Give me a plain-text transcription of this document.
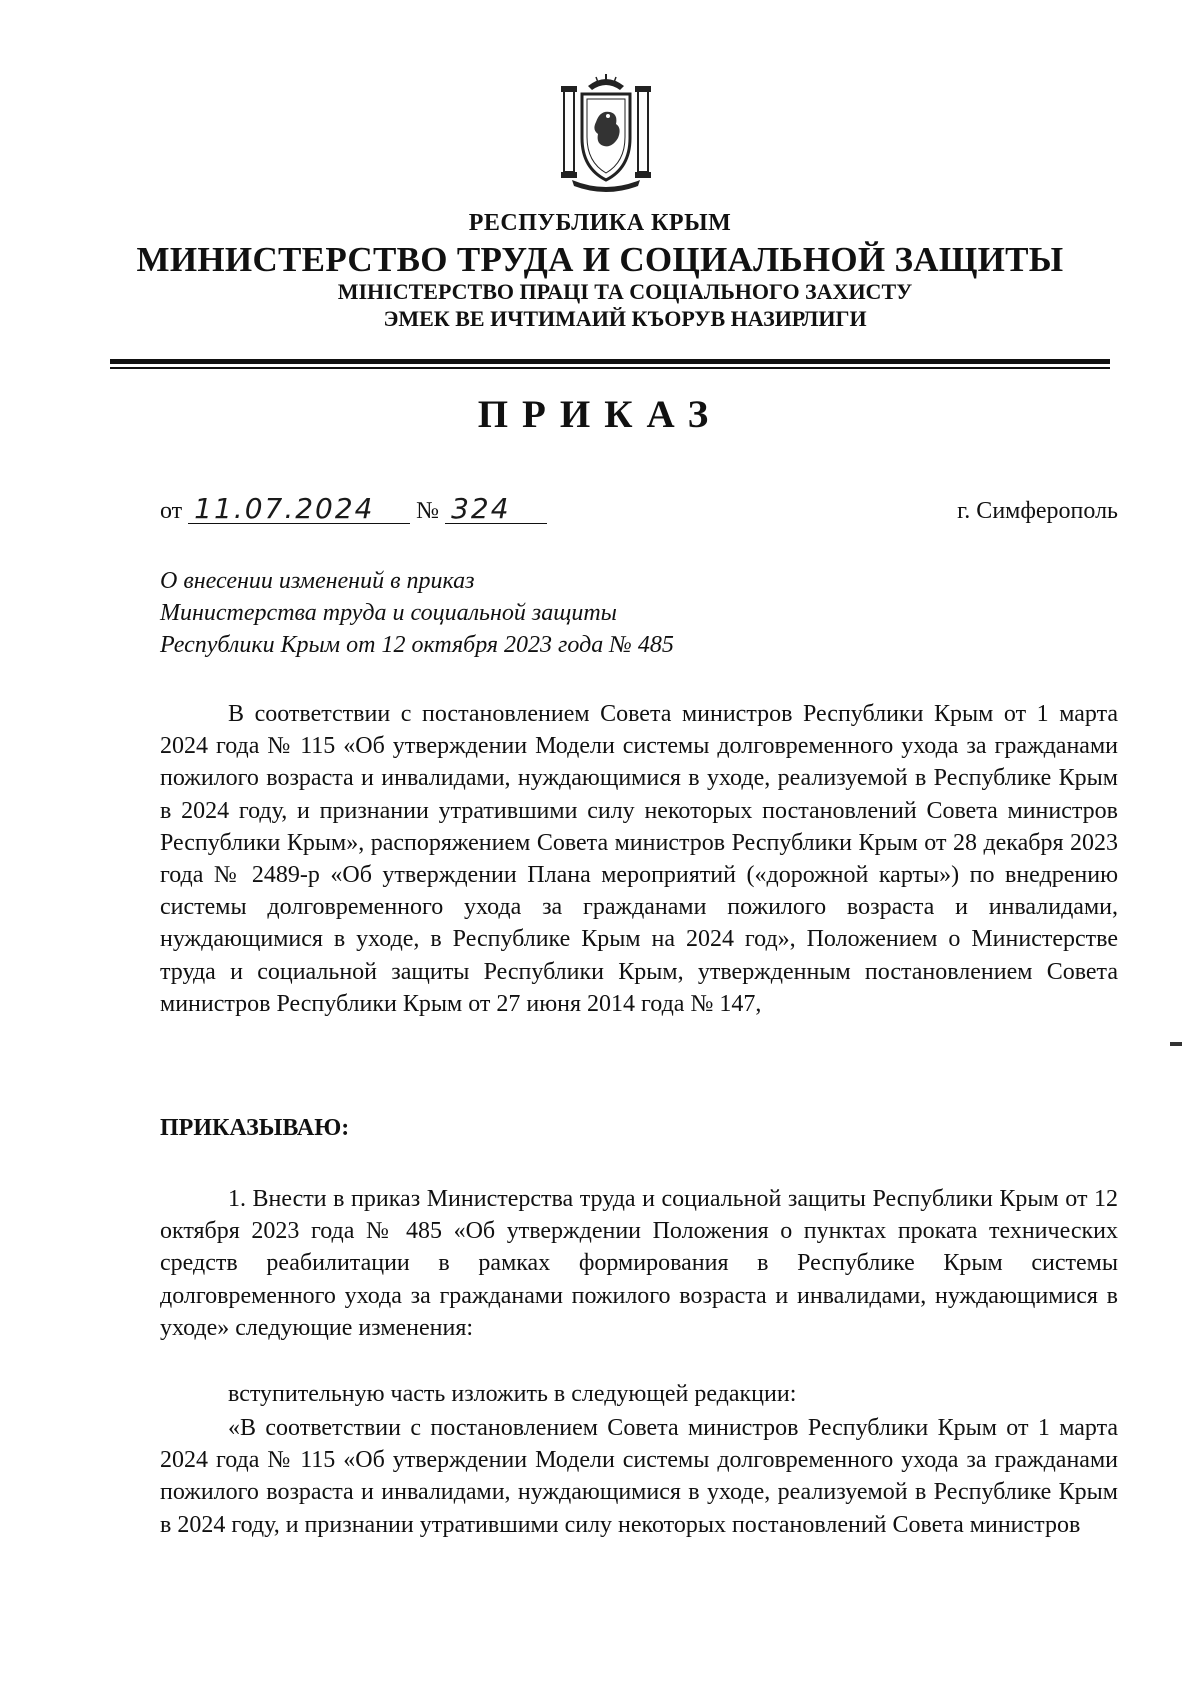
РЕСПУБЛИКА КРЫМ
МИНИСТЕРСТВО ТРУДА И СОЦИАЛЬНОЙ ЗАЩИТЫ
МІНІСТЕРСТВО ПРАЦІ ТА СОЦІАЛЬНОГО ЗАХИСТУ
ЭМЕК ВЕ ИЧТИМАИЙ КЪОРУВ НАЗИРЛИГИ
ПРИКАЗ
от 11.07.2024 № 324	г. Симферополь
О внесении изменений в приказ
Министерства труда и социальной защиты
Республики Крым от 12 октября 2023 года № 485

В соответствии с постановлением Совета министров Республики Крым от 1 марта 2024 года № 115 «Об утверждении Модели системы долговременного ухода за гражданами пожилого возраста и инвалидами, нуждающимися в уходе, реализуемой в Республике Крым в 2024 году, и признании утратившими силу некоторых постановлений Совета министров Республики Крым», распоряжением Совета министров Республики Крым от 28 декабря 2023 года № 2489-р «Об утверждении Плана мероприятий («дорожной карты») по внедрению системы долговременного ухода за гражданами пожилого возраста и инвалидами, нуждающимися в уходе, в Республике Крым на 2024 год», Положением о Министерстве труда и социальной защиты Республики Крым, утвержденным постановлением Совета министров Республики Крым от 27 июня 2014 года № 147,

ПРИКАЗЫВАЮ:

1. Внести в приказ Министерства труда и социальной защиты Республики Крым от 12 октября 2023 года № 485 «Об утверждении Положения о пунктах проката технических средств реабилитации в рамках формирования в Республике Крым системы долговременного ухода за гражданами пожилого возраста и инвалидами, нуждающимися в уходе» следующие изменения:

вступительную часть изложить в следующей редакции:

«В соответствии с постановлением Совета министров Республики Крым от 1 марта 2024 года № 115 «Об утверждении Модели системы долговременного ухода за гражданами пожилого возраста и инвалидами, нуждающимися в уходе, реализуемой в Республике Крым в 2024 году, и признании утратившими силу некоторых постановлений Совета министров
